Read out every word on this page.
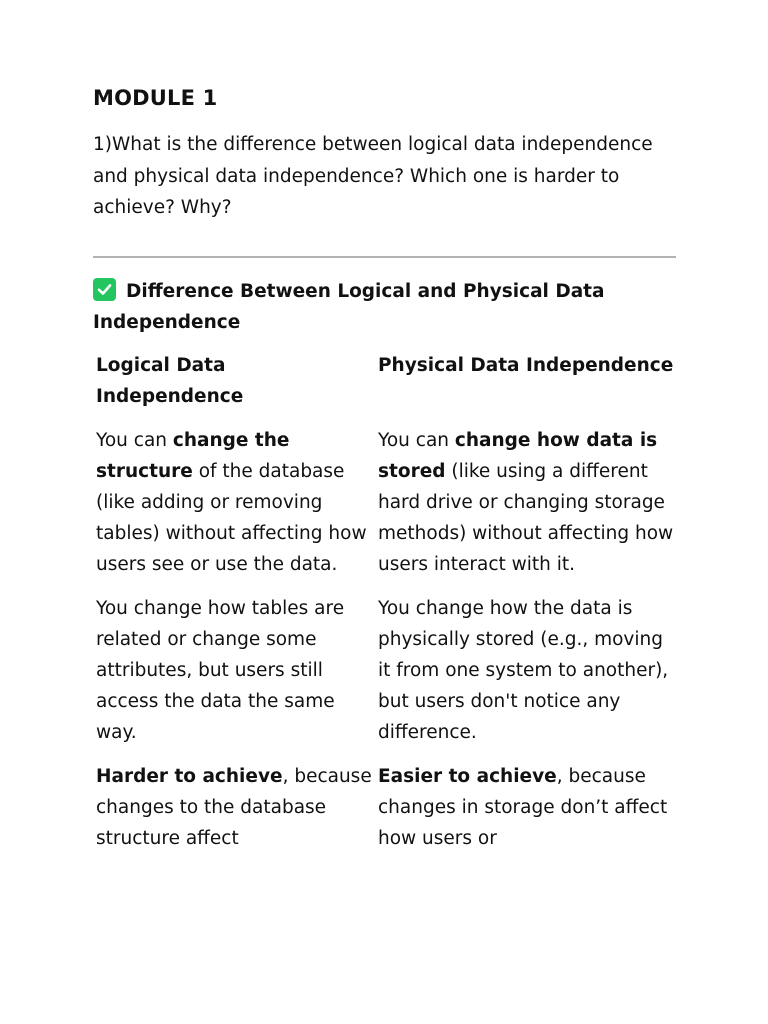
MODULE 1

1)What is the difference between logical data independence and physical data independence? Which one is harder to achieve? Why?

Difference Between Logical and Physical Data Independence
Logical Data Independence	Physical Data Independence
You can change the structure of the database (like adding or removing tables) without affecting how users see or use the data.	You can change how data is stored (like using a different hard drive or changing storage methods) without affecting how users interact with it.
You change how tables are related or change some attributes, but users still access the data the same way.	You change how the data is physically stored (e.g., moving it from one system to another), but users don't notice any difference.
Harder to achieve, because changes to the database structure affect	Easier to achieve, because changes in storage don’t affect how users or
